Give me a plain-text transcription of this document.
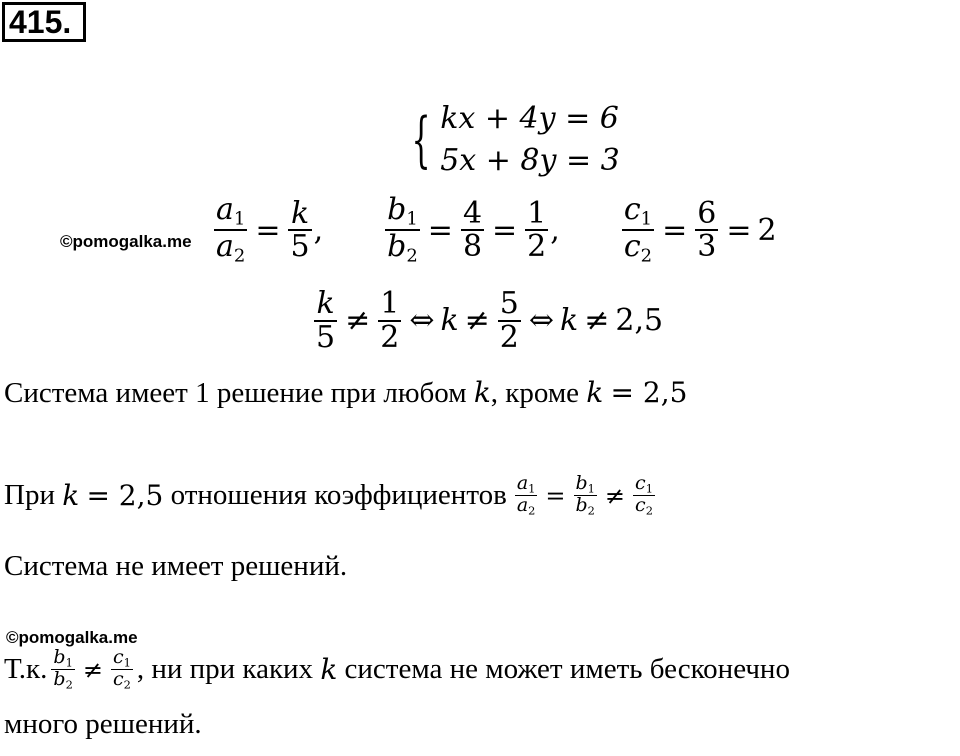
415.
{ kx + 4y = 6
5x + 8y = 3
©pomogalka.me $\frac{a_1}{a_2} = \frac{k}{5}$ , $\frac{b_1}{b_2} = \frac{4}{8} = \frac{1}{2}$ , $\frac{c_1}{c_2} = \frac{6}{3} = 2$
$\frac{k}{5} \ne \frac{1}{2}$ ⇔ $k \ne \frac{5}{2}$ ⇔ k ≠ 2,5
Система имеет 1 решение при любом k, кроме k = 2,5
При
k
= 2,5
отношения коэффициентов $\frac{a_1}{a_2} = \frac{b_1}{b_2} \ne \frac{c_1}{c_2}$
Система не имеет решений.
©pomogalka.me
Т.к. $\frac{b_1}{b_2} \ne \frac{c_1}{c_2}$ , ни при каких
k
система не может иметь бесконечно
много решений.
